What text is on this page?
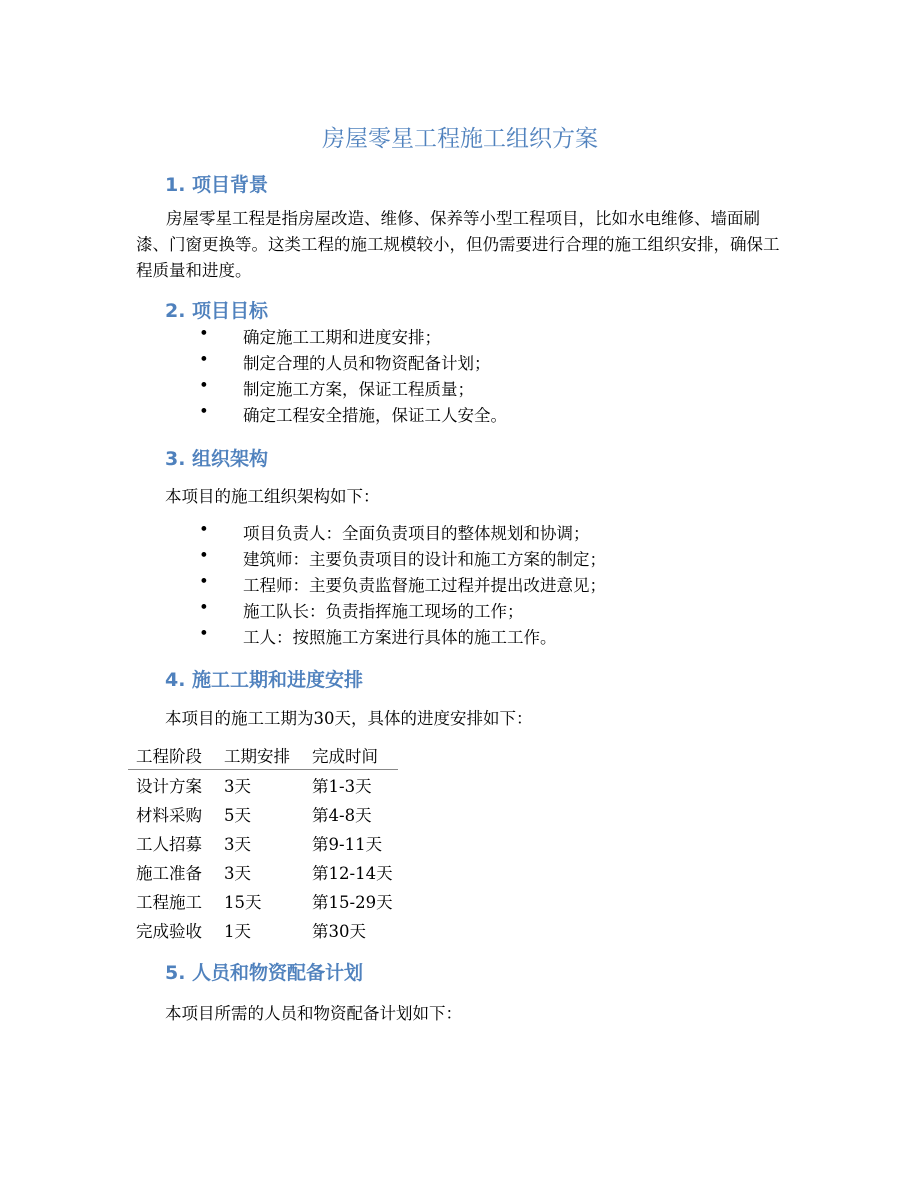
房屋零星工程施工组织方案
1. 项目背景
房屋零星工程是指房屋改造、维修、保养等小型工程项目，比如水电维修、墙面刷漆、门窗更换等。这类工程的施工规模较小，但仍需要进行合理的施工组织安排，确保工程质量和进度。
2. 项目目标
• 确定施工工期和进度安排；
• 制定合理的人员和物资配备计划；
• 制定施工方案，保证工程质量；
• 确定工程安全措施，保证工人安全。
3. 组织架构
本项目的施工组织架构如下：
• 项目负责人：全面负责项目的整体规划和协调；
• 建筑师：主要负责项目的设计和施工方案的制定；
• 工程师：主要负责监督施工过程并提出改进意见；
• 施工队长：负责指挥施工现场的工作；
• 工人：按照施工方案进行具体的施工工作。
4. 施工工期和进度安排
本项目的施工工期为30天，具体的进度安排如下：
工程阶段	工期安排	完成时间
设计方案	3天	第1-3天
材料采购	5天	第4-8天
工人招募	3天	第9-11天
施工准备	3天	第12-14天
工程施工	15天	第15-29天
完成验收	1天	第30天
5. 人员和物资配备计划
本项目所需的人员和物资配备计划如下：
